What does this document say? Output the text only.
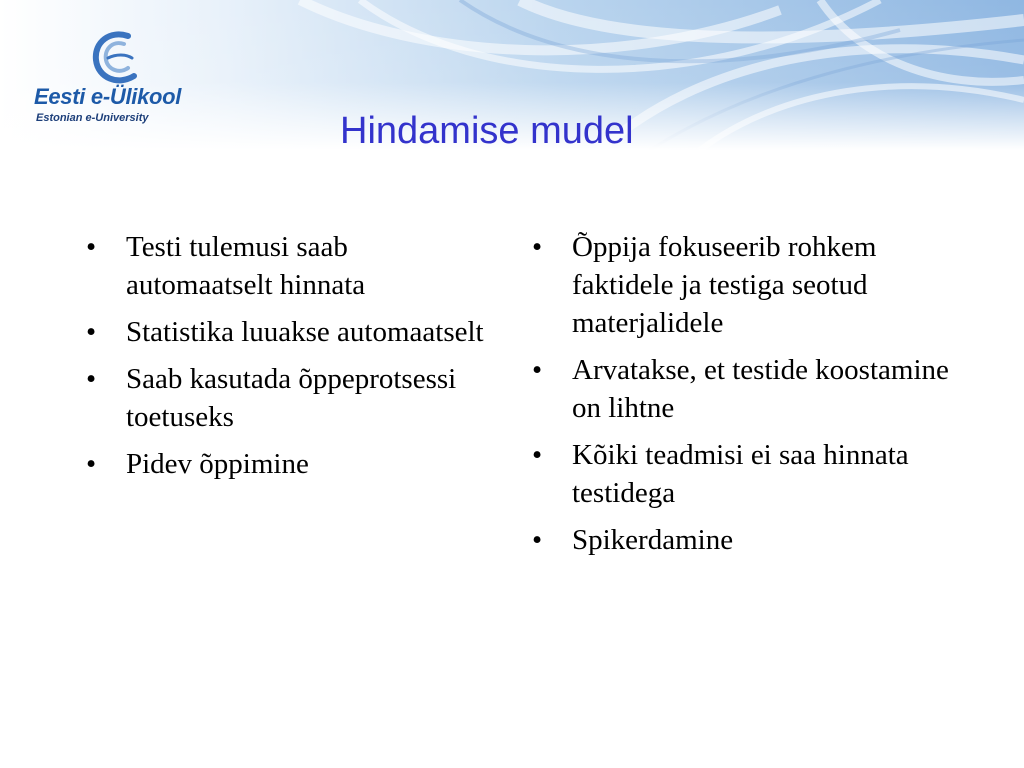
Eesti e-Ülikool
Estonian e-University	Hindamise mudel
• Testi tulemusi saab automaatselt hinnata
• Statistika luuakse automaatselt
• Saab kasutada õppeprotsessi toetuseks
• Pidev õppimine
• Õppija fokuseerib rohkem faktidele ja testiga seotud materjalidele
• Arvatakse, et testide koostamine on lihtne
• Kõiki teadmisi ei saa hinnata testidega
• Spikerdamine
